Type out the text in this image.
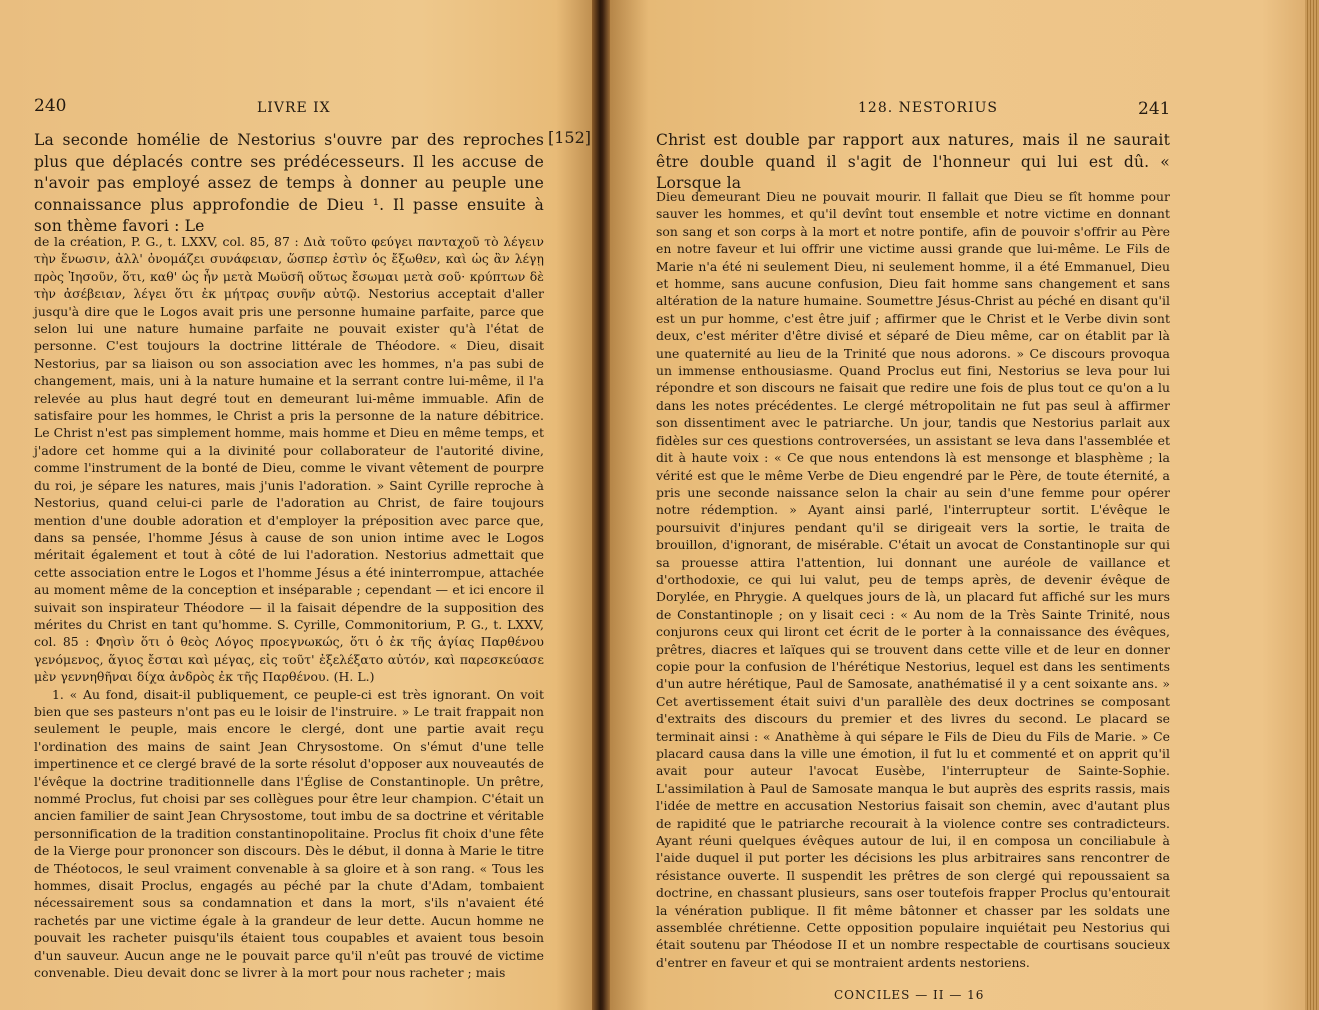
240	LIVRE IX
[152]
La seconde homélie de Nestorius s'ouvre par des reproches plus que déplacés contre ses prédécesseurs. Il les accuse de n'avoir pas employé assez de temps à donner au peuple une connaissance plus approfondie de Dieu ¹. Il passe ensuite à son thème favori : Le

de la création, P. G., t. LXXV, col. 85, 87 : Διὰ τοῦτο φεύγει πανταχοῦ τὸ λέγειν τὴν ἕνωσιν, ἀλλ' ὀνομάζει συνάφειαν, ὥσπερ ἐστὶν ὁς ἔξωθεν, καὶ ὡς ἂν λέγῃ πρὸς Ἰησοῦν, ὅτι, καθ' ὡς ἦν μετὰ Μωϋσῆ οὕτως ἔσωμαι μετὰ σοῦ· κρύπτων δὲ τὴν ἀσέβειαν, λέγει ὅτι ἐκ μήτρας συνῆν αὐτῷ. Nestorius acceptait d'aller jusqu'à dire que le Logos avait pris une personne humaine parfaite, parce que selon lui une nature humaine parfaite ne pouvait exister qu'à l'état de personne. C'est toujours la doctrine littérale de Théodore. « Dieu, disait Nestorius, par sa liaison ou son association avec les hommes, n'a pas subi de changement, mais, uni à la nature humaine et la serrant contre lui-même, il l'a relevée au plus haut degré tout en demeurant lui-même immuable. Afin de satisfaire pour les hommes, le Christ a pris la personne de la nature débitrice. Le Christ n'est pas simplement homme, mais homme et Dieu en même temps, et j'adore cet homme qui a la divinité pour collaborateur de l'autorité divine, comme l'instrument de la bonté de Dieu, comme le vivant vêtement de pourpre du roi, je sépare les natures, mais j'unis l'adoration. » Saint Cyrille reproche à Nestorius, quand celui-ci parle de l'adoration au Christ, de faire toujours mention d'une double adoration et d'employer la préposition avec parce que, dans sa pensée, l'homme Jésus à cause de son union intime avec le Logos méritait également et tout à côté de lui l'adoration. Nestorius admettait que cette association entre le Logos et l'homme Jésus a été ininterrompue, attachée au moment même de la conception et inséparable ; cependant — et ici encore il suivait son inspirateur Théodore — il la faisait dépendre de la supposition des mérites du Christ en tant qu'homme. S. Cyrille, Commonitorium, P. G., t. LXXV, col. 85 : Φησὶν ὅτι ὁ θεὸς Λόγος προεγνωκώς, ὅτι ὁ ἐκ τῆς ἁγίας Παρθένου γενόμενος, ἅγιος ἔσται καὶ μέγας, εἰς τοῦτ' ἐξελέξατο αὐτόν, καὶ παρεσκεύασε μὲν γεννηθῆναι δίχα ἀνδρὸς ἐκ τῆς Παρθένου. (H. L.)

1. « Au fond, disait-il publiquement, ce peuple-ci est très ignorant. On voit bien que ses pasteurs n'ont pas eu le loisir de l'instruire. » Le trait frappait non seulement le peuple, mais encore le clergé, dont une partie avait reçu l'ordination des mains de saint Jean Chrysostome. On s'émut d'une telle impertinence et ce clergé bravé de la sorte résolut d'opposer aux nouveautés de l'évêque la doctrine traditionnelle dans l'Église de Constantinople. Un prêtre, nommé Proclus, fut choisi par ses collègues pour être leur champion. C'était un ancien familier de saint Jean Chrysostome, tout imbu de sa doctrine et véritable personnification de la tradition constantinopolitaine. Proclus fit choix d'une fête de la Vierge pour prononcer son discours. Dès le début, il donna à Marie le titre de Théotocos, le seul vraiment convenable à sa gloire et à son rang. « Tous les hommes, disait Proclus, engagés au péché par la chute d'Adam, tombaient nécessairement sous sa condamnation et dans la mort, s'ils n'avaient été rachetés par une victime égale à la grandeur de leur dette. Aucun homme ne pouvait les racheter puisqu'ils étaient tous coupables et avaient tous besoin d'un sauveur. Aucun ange ne le pouvait parce qu'il n'eût pas trouvé de victime convenable. Dieu devait donc se livrer à la mort pour nous racheter ; mais

128. NESTORIUS	241
Christ est double par rapport aux natures, mais il ne saurait être double quand il s'agit de l'honneur qui lui est dû. « Lorsque la

Dieu demeurant Dieu ne pouvait mourir. Il fallait que Dieu se fît homme pour sauver les hommes, et qu'il devînt tout ensemble et notre victime en donnant son sang et son corps à la mort et notre pontife, afin de pouvoir s'offrir au Père en notre faveur et lui offrir une victime aussi grande que lui-même. Le Fils de Marie n'a été ni seulement Dieu, ni seulement homme, il a été Emmanuel, Dieu et homme, sans aucune confusion, Dieu fait homme sans changement et sans altération de la nature humaine. Soumettre Jésus-Christ au péché en disant qu'il est un pur homme, c'est être juif ; affirmer que le Christ et le Verbe divin sont deux, c'est mériter d'être divisé et séparé de Dieu même, car on établit par là une quaternité au lieu de la Trinité que nous adorons. » Ce discours provoqua un immense enthousiasme. Quand Proclus eut fini, Nestorius se leva pour lui répondre et son discours ne faisait que redire une fois de plus tout ce qu'on a lu dans les notes précédentes. Le clergé métropolitain ne fut pas seul à affirmer son dissentiment avec le patriarche. Un jour, tandis que Nestorius parlait aux fidèles sur ces questions controversées, un assistant se leva dans l'assemblée et dit à haute voix : « Ce que nous entendons là est mensonge et blasphème ; la vérité est que le même Verbe de Dieu engendré par le Père, de toute éternité, a pris une seconde naissance selon la chair au sein d'une femme pour opérer notre rédemption. » Ayant ainsi parlé, l'interrupteur sortit. L'évêque le poursuivit d'injures pendant qu'il se dirigeait vers la sortie, le traita de brouillon, d'ignorant, de misérable. C'était un avocat de Constantinople sur qui sa prouesse attira l'attention, lui donnant une auréole de vaillance et d'orthodoxie, ce qui lui valut, peu de temps après, de devenir évêque de Dorylée, en Phrygie. A quelques jours de là, un placard fut affiché sur les murs de Constantinople ; on y lisait ceci : « Au nom de la Très Sainte Trinité, nous conjurons ceux qui liront cet écrit de le porter à la connaissance des évêques, prêtres, diacres et laïques qui se trouvent dans cette ville et de leur en donner copie pour la confusion de l'hérétique Nestorius, lequel est dans les sentiments d'un autre hérétique, Paul de Samosate, anathématisé il y a cent soixante ans. » Cet avertissement était suivi d'un parallèle des deux doctrines se composant d'extraits des discours du premier et des livres du second. Le placard se terminait ainsi : « Anathème à qui sépare le Fils de Dieu du Fils de Marie. » Ce placard causa dans la ville une émotion, il fut lu et commenté et on apprit qu'il avait pour auteur l'avocat Eusèbe, l'interrupteur de Sainte-Sophie. L'assimilation à Paul de Samosate manqua le but auprès des esprits rassis, mais l'idée de mettre en accusation Nestorius faisait son chemin, avec d'autant plus de rapidité que le patriarche recourait à la violence contre ses contradicteurs. Ayant réuni quelques évêques autour de lui, il en composa un conciliabule à l'aide duquel il put porter les décisions les plus arbitraires sans rencontrer de résistance ouverte. Il suspendit les prêtres de son clergé qui repoussaient sa doctrine, en chassant plusieurs, sans oser toutefois frapper Proclus qu'entourait la vénération publique. Il fit même bâtonner et chasser par les soldats une assemblée chrétienne. Cette opposition populaire inquiétait peu Nestorius qui était soutenu par Théodose II et un nombre respectable de courtisans soucieux d'entrer en faveur et qui se montraient ardents nestoriens.

CONCILES — II — 16
